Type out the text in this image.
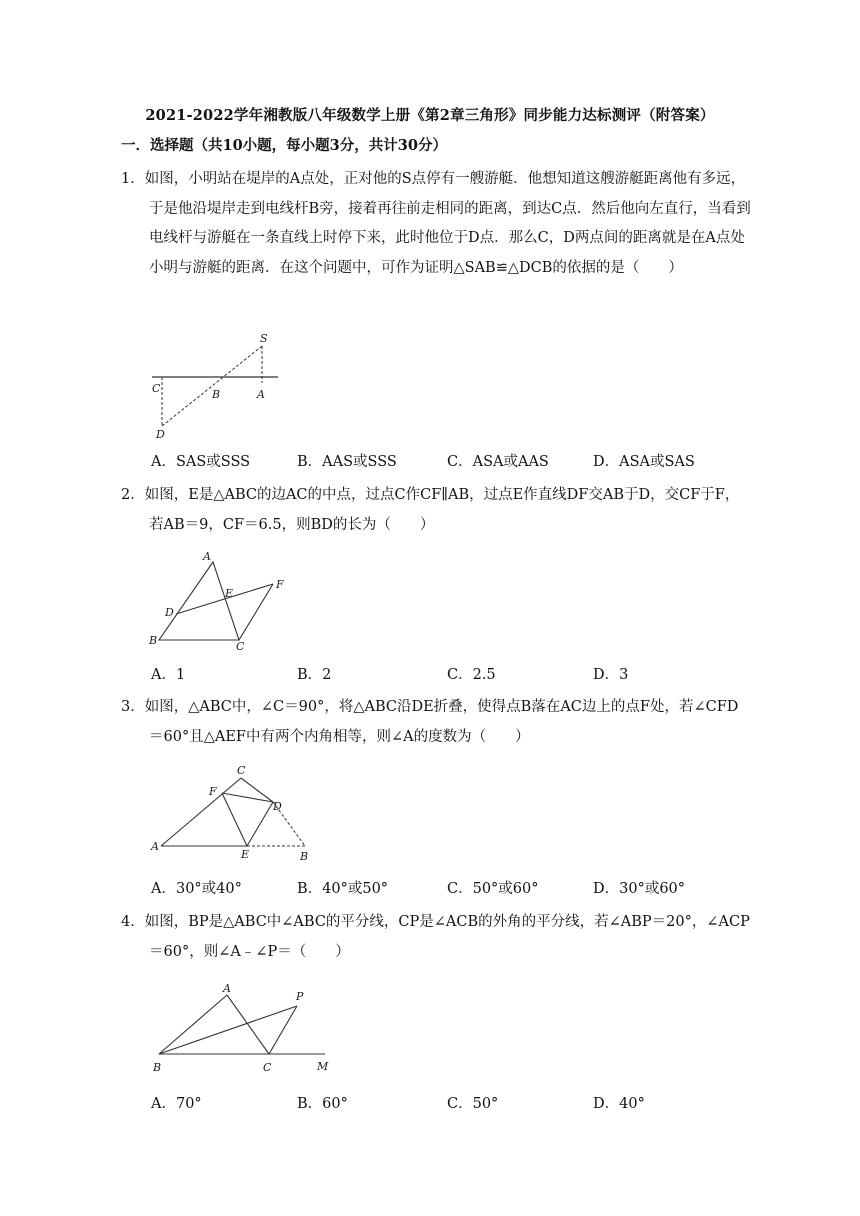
2021-2022学年湘教版八年级数学上册《第2章三角形》同步能力达标测评（附答案）
一．选择题（共10小题，每小题3分，共计30分）
1．如图，小明站在堤岸的A点处，正对他的S点停有一艘游艇．他想知道这艘游艇距离他有多远，于是他沿堤岸走到电线杆B旁，接着再往前走相同的距离，到达C点．然后他向左直行，当看到电线杆与游艇在一条直线上时停下来，此时他位于D点．那么C，D两点间的距离就是在A点处小明与游艇的距离．在这个问题中，可作为证明△SAB≌△DCB的依据的是（　　）
S
C	B	A
D
A．SAS或SSS	B．AAS或SSS	C．ASA或AAS	D．ASA或SAS
2．如图，E是△ABC的边AC的中点，过点C作CF∥AB，过点E作直线DF交AB于D，交CF于F，若AB＝9，CF＝6.5，则BD的长为（　　）
A
F
E
D
B	C
A．1	B．2	C．2.5	D．3
3．如图，△ABC中，∠C＝90°，将△ABC沿DE折叠，使得点B落在AC边上的点F处，若∠CFD＝60°且△AEF中有两个内角相等，则∠A的度数为（　　）
C
F
D
A
E	B
A．30°或40°	B．40°或50°	C．50°或60°	D．30°或60°
4．如图，BP是△ABC中∠ABC的平分线，CP是∠ACB的外角的平分线，若∠ABP＝20°，∠ACP＝60°，则∠A﹣∠P＝（　　）
A
P
B	C	M
A．70°	B．60°	C．50°	D．40°
